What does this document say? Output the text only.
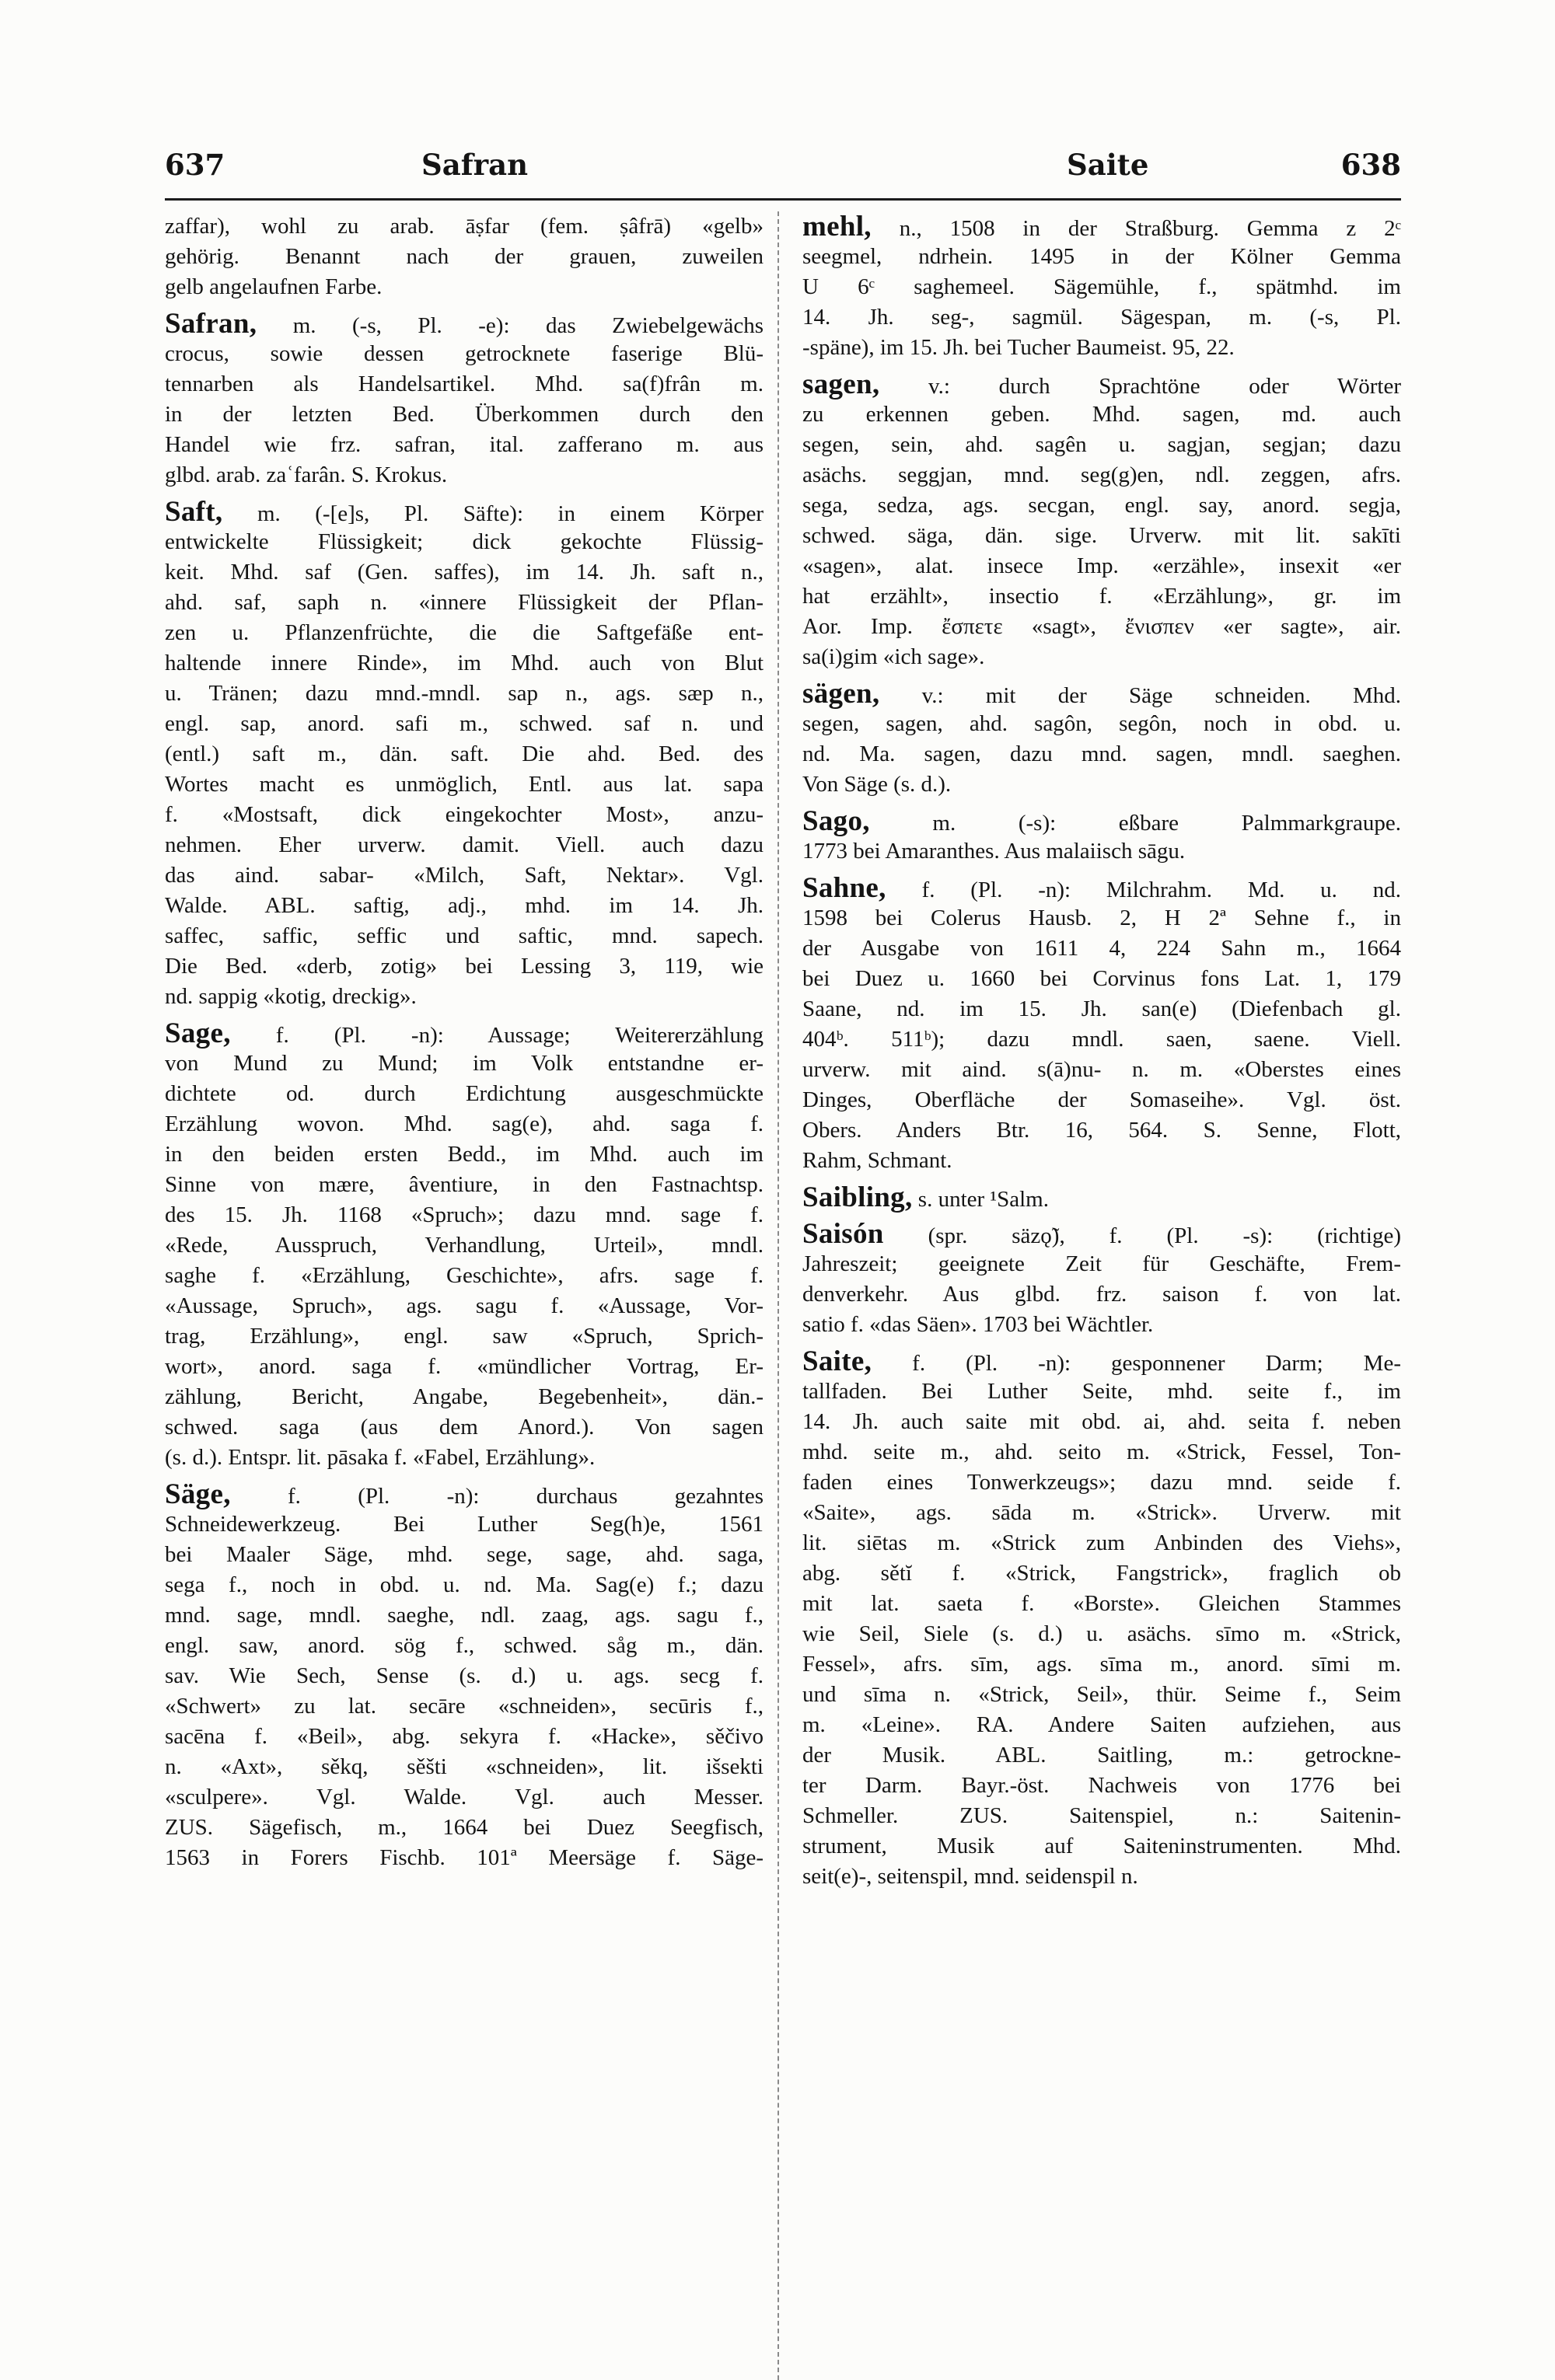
637	Safran	Saite	638
zaffar), wohl zu arab. āṣfar (fem. ṣâfrā) «gelb»
gehörig. Benannt nach der grauen, zuweilen
gelb angelaufnen Farbe.
Safran, m. (-s, Pl. -e): das Zwiebelgewächs
crocus, sowie dessen getrocknete faserige Blü-
tennarben als Handelsartikel. Mhd. sa(f)frân m.
in der letzten Bed. Überkommen durch den
Handel wie frz. safran, ital. zafferano m. aus
glbd. arab. zaʿfarân. S. Krokus.
Saft, m. (-[e]s, Pl. Säfte): in einem Körper
entwickelte Flüssigkeit; dick gekochte Flüssig-
keit. Mhd. saf (Gen. saffes), im 14. Jh. saft n.,
ahd. saf, saph n. «innere Flüssigkeit der Pflan-
zen u. Pflanzenfrüchte, die die Saftgefäße ent-
haltende innere Rinde», im Mhd. auch von Blut
u. Tränen; dazu mnd.-mndl. sap n., ags. sæp n.,
engl. sap, anord. safi m., schwed. saf n. und
(entl.) saft m., dän. saft. Die ahd. Bed. des
Wortes macht es unmöglich, Entl. aus lat. sapa
f. «Mostsaft, dick eingekochter Most», anzu-
nehmen. Eher urverw. damit. Viell. auch dazu
das aind. sabar- «Milch, Saft, Nektar». Vgl.
Walde. ABL. saftig, adj., mhd. im 14. Jh.
saffec, saffic, seffic und saftic, mnd. sapech.
Die Bed. «derb, zotig» bei Lessing 3, 119, wie
nd. sappig «kotig, dreckig».
Sage, f. (Pl. -n): Aussage; Weitererzählung
von Mund zu Mund; im Volk entstandne er-
dichtete od. durch Erdichtung ausgeschmückte
Erzählung wovon. Mhd. sag(e), ahd. saga f.
in den beiden ersten Bedd., im Mhd. auch im
Sinne von mære, âventiure, in den Fastnachtsp.
des 15. Jh. 1168 «Spruch»; dazu mnd. sage f.
«Rede, Ausspruch, Verhandlung, Urteil», mndl.
saghe f. «Erzählung, Geschichte», afrs. sage f.
«Aussage, Spruch», ags. sagu f. «Aussage, Vor-
trag, Erzählung», engl. saw «Spruch, Sprich-
wort», anord. saga f. «mündlicher Vortrag, Er-
zählung, Bericht, Angabe, Begebenheit», dän.-
schwed. saga (aus dem Anord.). Von sagen
(s. d.). Entspr. lit. pāsaka f. «Fabel, Erzählung».
Säge, f. (Pl. -n): durchaus gezahntes
Schneidewerkzeug. Bei Luther Seg(h)e, 1561
bei Maaler Säge, mhd. sege, sage, ahd. saga,
sega f., noch in obd. u. nd. Ma. Sag(e) f.; dazu
mnd. sage, mndl. saeghe, ndl. zaag, ags. sagu f.,
engl. saw, anord. sög f., schwed. såg m., dän.
sav. Wie Sech, Sense (s. d.) u. ags. secg f.
«Schwert» zu lat. secāre «schneiden», secūris f.,
sacēna f. «Beil», abg. sekyra f. «Hacke», sěčivo
n. «Axt», sěkq, sěšti «schneiden», lit. išsekti
«sculpere». Vgl. Walde. Vgl. auch Messer.
ZUS. Sägefisch, m., 1664 bei Duez Seegfisch,
1563 in Forers Fischb. 101ª Meersäge f. Säge-
mehl, n., 1508 in der Straßburg. Gemma z 2ᶜ
seegmel, ndrhein. 1495 in der Kölner Gemma
U 6ᶜ saghemeel. Sägemühle, f., spätmhd. im
14. Jh. seg-, sagmül. Sägespan, m. (-s, Pl.
-späne), im 15. Jh. bei Tucher Baumeist. 95, 22.
sagen, v.: durch Sprachtöne oder Wörter
zu erkennen geben. Mhd. sagen, md. auch
segen, sein, ahd. sagên u. sagjan, segjan; dazu
asächs. seggjan, mnd. seg(g)en, ndl. zeggen, afrs.
sega, sedza, ags. secgan, engl. say, anord. segja,
schwed. säga, dän. sige. Urverw. mit lit. sakīti
«sagen», alat. insece Imp. «erzähle», insexit «er
hat erzählt», insectio f. «Erzählung», gr. im
Aor. Imp. ἔσπετε «sagt», ἔνισπεν «er sagte», air.
sa(i)gim «ich sage».
sägen, v.: mit der Säge schneiden. Mhd.
segen, sagen, ahd. sagôn, segôn, noch in obd. u.
nd. Ma. sagen, dazu mnd. sagen, mndl. saeghen.
Von Säge (s. d.).
Sago, m. (-s): eßbare Palmmarkgraupe.
1773 bei Amaranthes. Aus malaiisch sāgu.
Sahne, f. (Pl. -n): Milchrahm. Md. u. nd.
1598 bei Colerus Hausb. 2, H 2ª Sehne f., in
der Ausgabe von 1611 4, 224 Sahn m., 1664
bei Duez u. 1660 bei Corvinus fons Lat. 1, 179
Saane, nd. im 15. Jh. san(e) (Diefenbach gl.
404ᵇ. 511ᵇ); dazu mndl. saen, saene. Viell.
urverw. mit aind. s(ā)nu- n. m. «Oberstes eines
Dinges, Oberfläche der Somaseihe». Vgl. öst.
Obers. Anders Btr. 16, 564. S. Senne, Flott,
Rahm, Schmant.
Saibling, s. unter ¹Salm.
Saisón (spr. säzǫ̃), f. (Pl. -s): (richtige)
Jahreszeit; geeignete Zeit für Geschäfte, Frem-
denverkehr. Aus glbd. frz. saison f. von lat.
satio f. «das Säen». 1703 bei Wächtler.
Saite, f. (Pl. -n): gesponnener Darm; Me-
tallfaden. Bei Luther Seite, mhd. seite f., im
14. Jh. auch saite mit obd. ai, ahd. seita f. neben
mhd. seite m., ahd. seito m. «Strick, Fessel, Ton-
faden eines Tonwerkzeugs»; dazu mnd. seide f.
«Saite», ags. sāda m. «Strick». Urverw. mit
lit. siētas m. «Strick zum Anbinden des Viehs»,
abg. sětĭ f. «Strick, Fangstrick», fraglich ob
mit lat. saeta f. «Borste». Gleichen Stammes
wie Seil, Siele (s. d.) u. asächs. sīmo m. «Strick,
Fessel», afrs. sīm, ags. sīma m., anord. sīmi m.
und sīma n. «Strick, Seil», thür. Seime f., Seim
m. «Leine». RA. Andere Saiten aufziehen, aus
der Musik. ABL. Saitling, m.: getrockne-
ter Darm. Bayr.-öst. Nachweis von 1776 bei
Schmeller. ZUS. Saitenspiel, n.: Saitenin-
strument, Musik auf Saiteninstrumenten. Mhd.
seit(e)-, seitenspil, mnd. seidenspil n.
